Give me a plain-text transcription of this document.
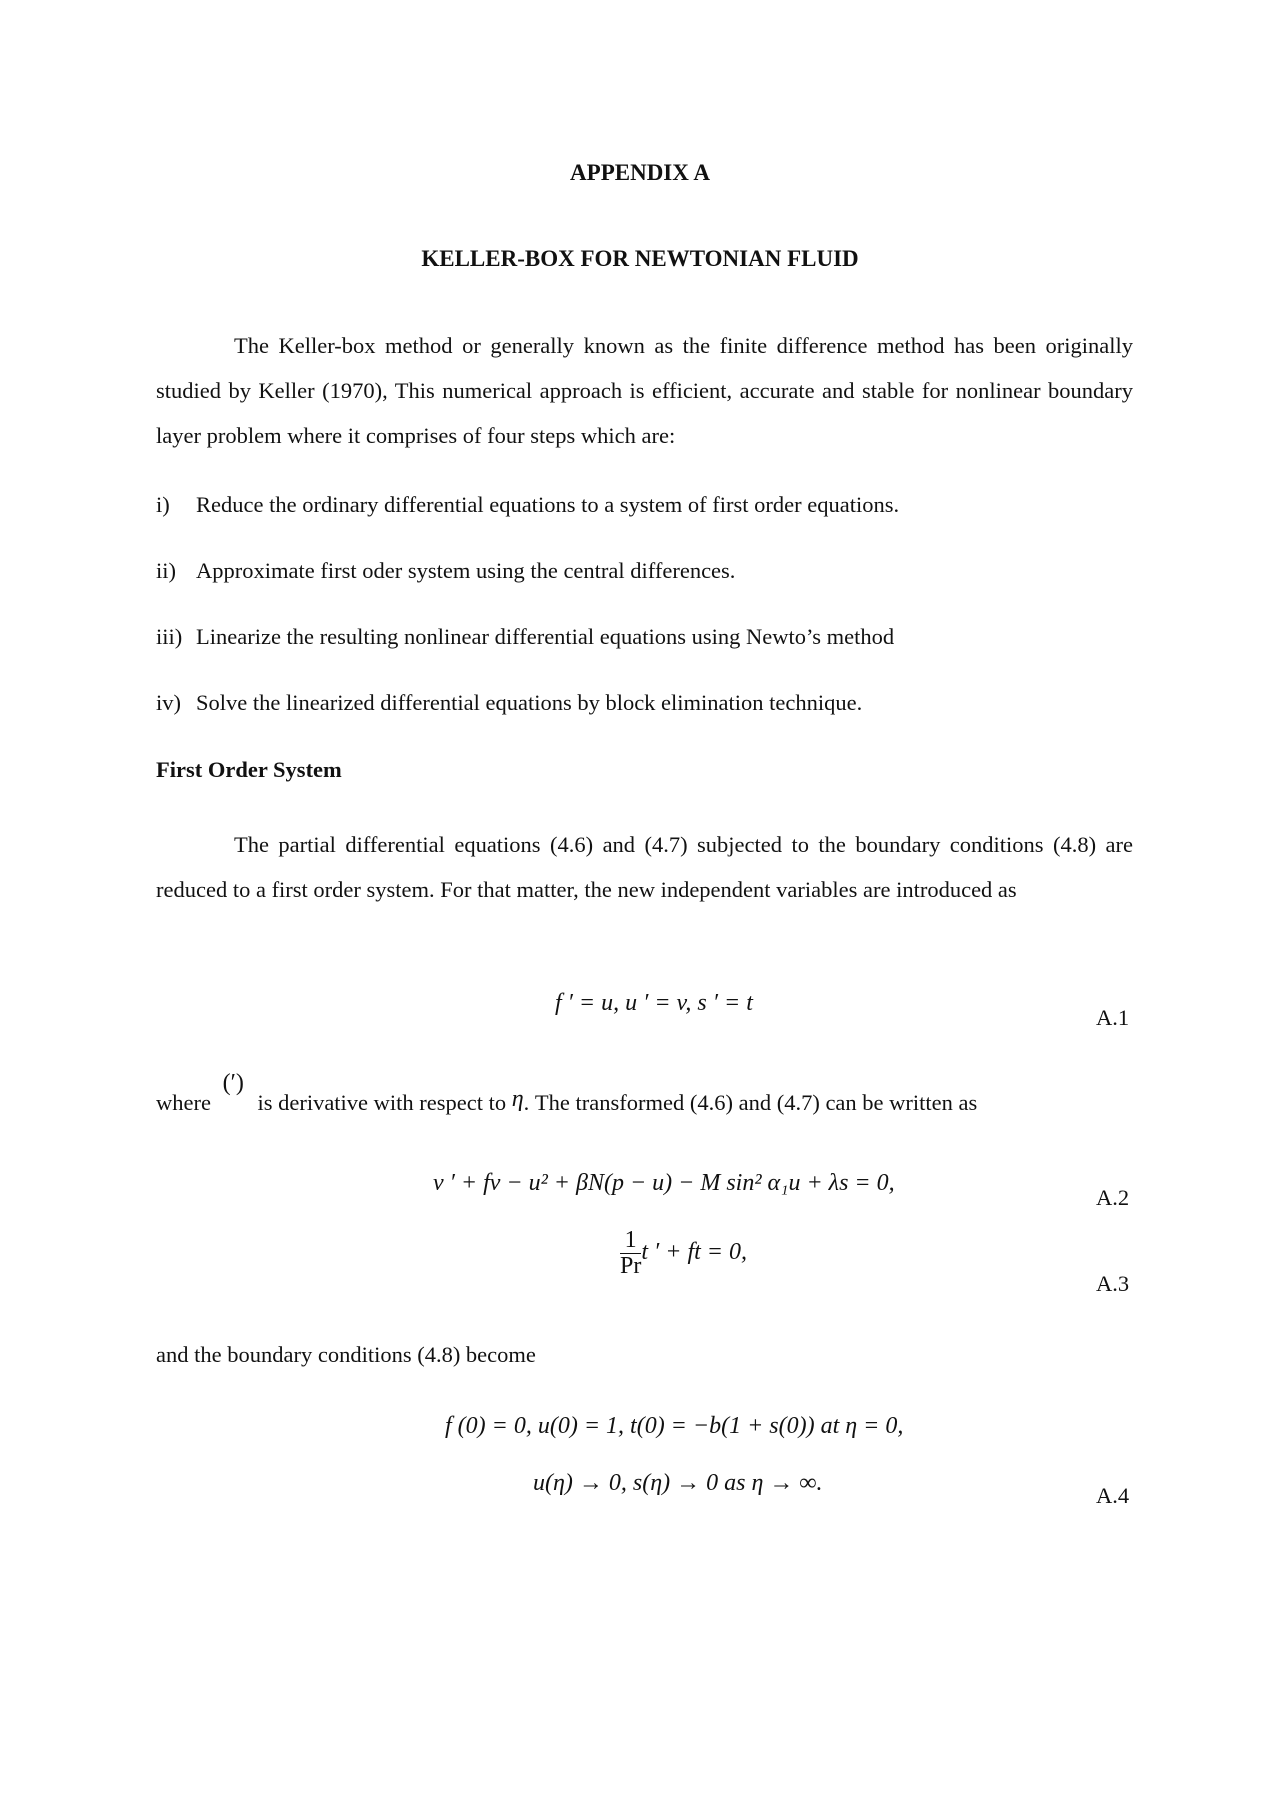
APPENDIX A
KELLER-BOX FOR NEWTONIAN FLUID
The Keller-box method or generally known as the finite difference method has been originally studied by Keller (1970), This numerical approach is efficient, accurate and stable for nonlinear boundary layer problem where it comprises of four steps which are:
i) Reduce the ordinary differential equations to a system of first order equations.
ii) Approximate first oder system using the central differences.
iii) Linearize the resulting nonlinear differential equations using Newto’s method
iv) Solve the linearized differential equations by block elimination technique.
First Order System
The partial differential equations (4.6) and (4.7) subjected to the boundary conditions (4.8) are reduced to a first order system. For that matter, the new independent variables are introduced as
f ′ = u, u ′ = v, s ′ = t
A.1
where (′) is derivative with respect to η. The transformed (4.6) and (4.7) can be written as
v ′ + fv − u² + βN(p − u) − M sin² α₁u + λs = 0,
A.2
$\frac{1}{Pr}$ t ′ + ft = 0,
A.3
and the boundary conditions (4.8) become
f (0) = 0, u(0) = 1, t(0) = −b(1 + s(0)) at η = 0,
u(η) → 0, s(η) → 0 as η → ∞.	A.4
